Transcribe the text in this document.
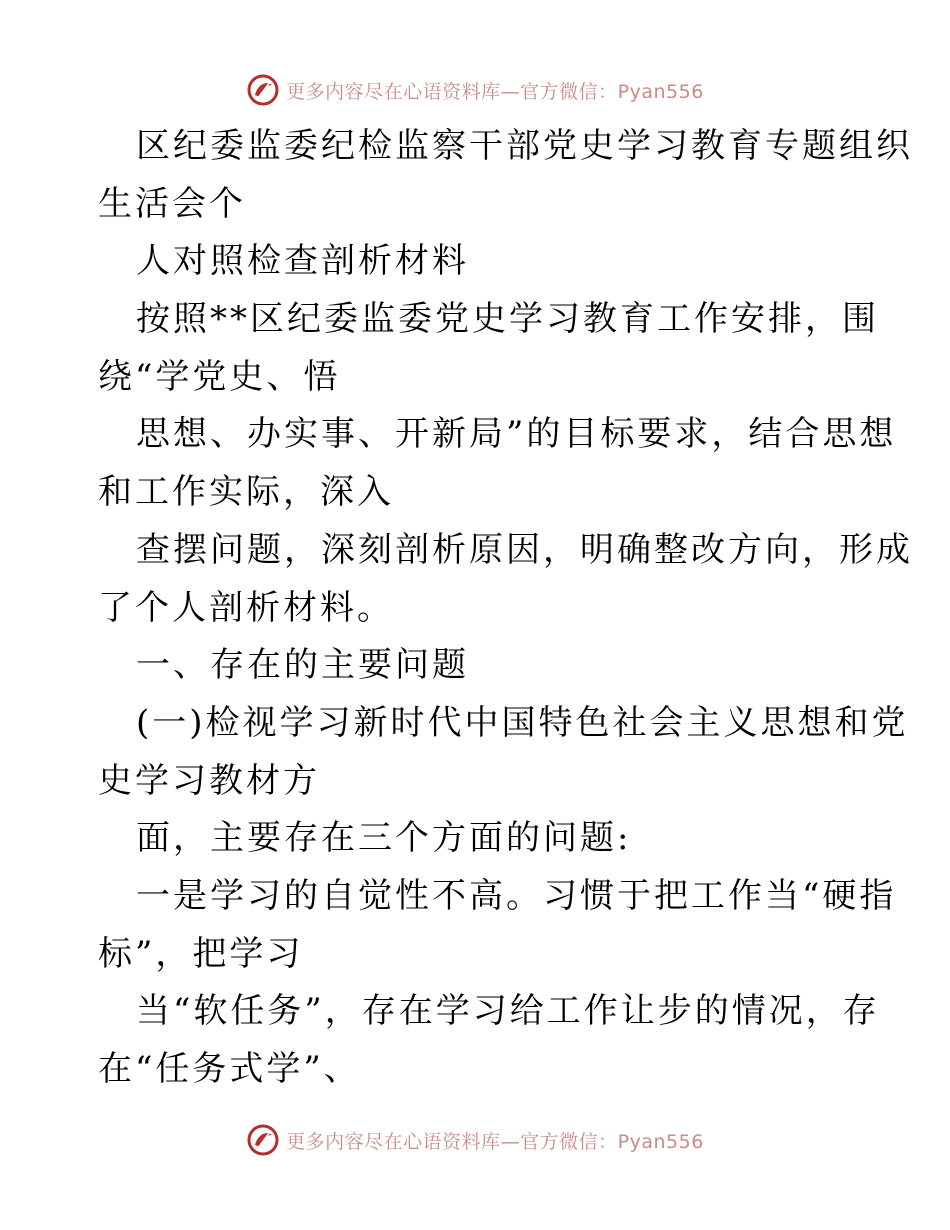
更多内容尽在心语资料库—官方微信：Pyan556
区纪委监委纪检监察干部党史学习教育专题组织
生活会个
人对照检查剖析材料
按照**区纪委监委党史学习教育工作安排，围
绕“学党史、悟
思想、办实事、开新局”的目标要求，结合思想
和工作实际，深入
查摆问题，深刻剖析原因，明确整改方向，形成
了个人剖析材料。
一、存在的主要问题
(一)检视学习新时代中国特色社会主义思想和党
史学习教材方
面，主要存在三个方面的问题:
一是学习的自觉性不高。习惯于把工作当“硬指
标”，把学习
当“软任务”，存在学习给工作让步的情况，存
在“任务式学”、
更多内容尽在心语资料库—官方微信：Pyan556
